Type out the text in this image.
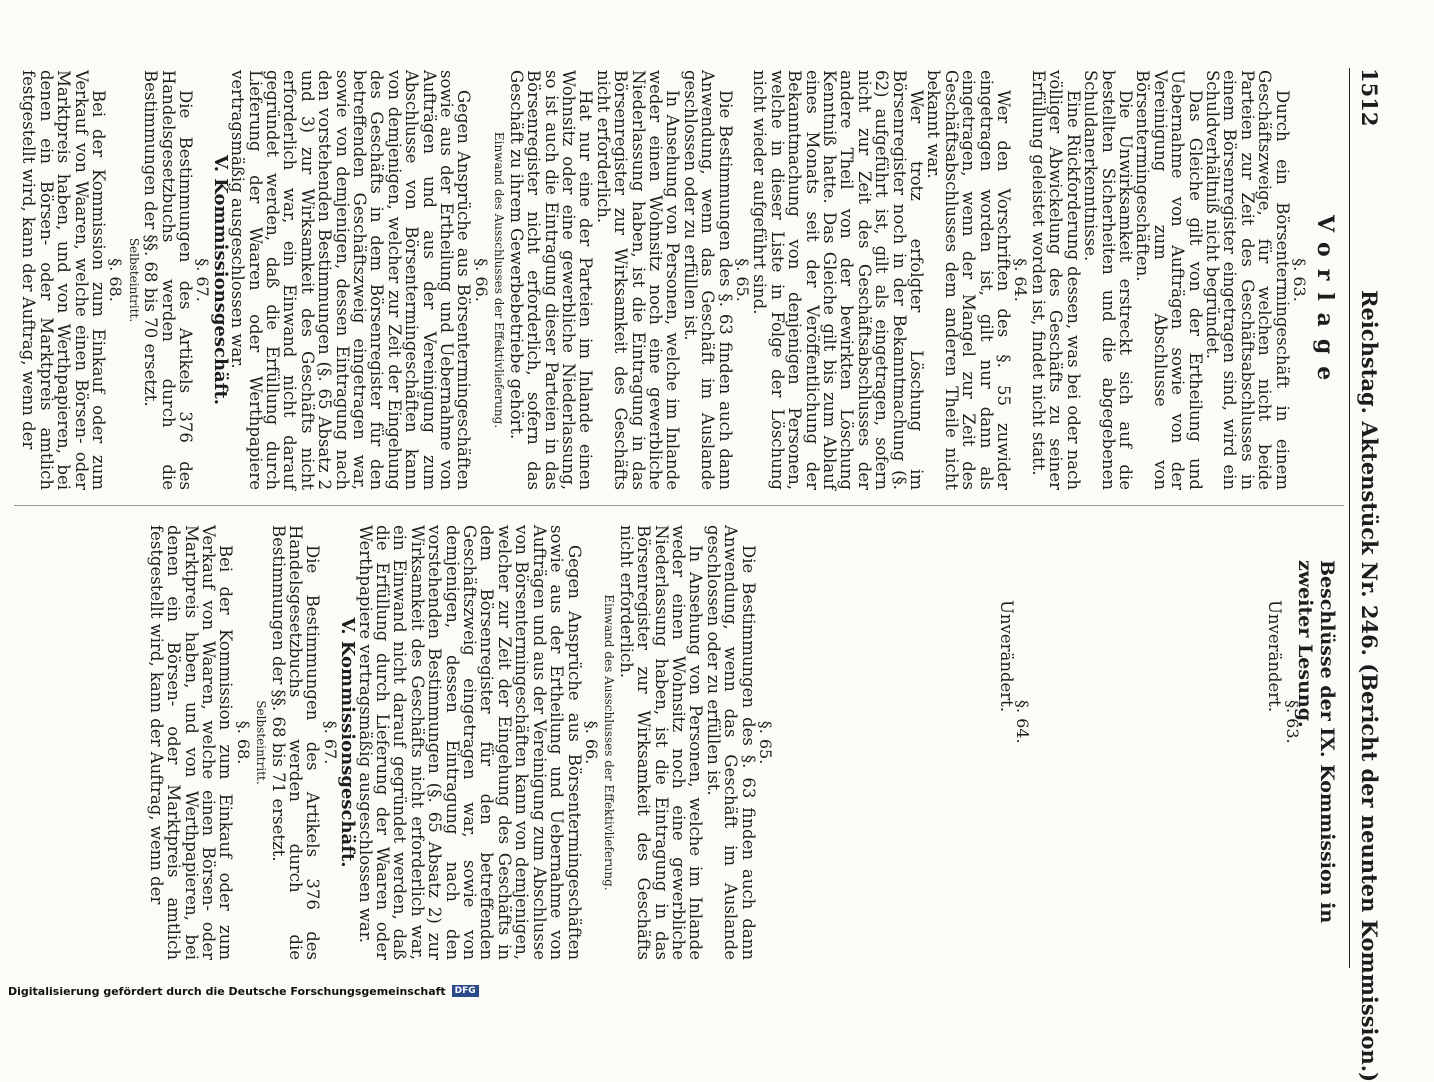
1512
Reichstag. Aktenstück Nr. 246. (Bericht der neunten Kommission.)
Vorlage
Beschlüsse der IX. Kommission in zweiter Lesung.

§. 63.

Durch ein Börsentermingeschäft in einem Geschäftszweige, für welchen nicht beide Parteien zur Zeit des Geschäftsabschlusses in einem Börsenregister eingetragen sind, wird ein Schuldverhältniß nicht begründet.

Das Gleiche gilt von der Ertheilung und Uebernahme von Aufträgen sowie von der Vereinigung zum Abschlusse von Börsentermingeschäften.

Die Unwirksamkeit erstreckt sich auf die bestellten Sicherheiten und die abgegebenen Schuldanerkenntnisse.

Eine Rückforderung dessen, was bei oder nach völliger Abwickelung des Geschäfts zu seiner Erfüllung geleistet worden ist, findet nicht statt.

§. 64.

Wer den Vorschriften des §. 55 zuwider eingetragen worden ist, gilt nur dann als eingetragen, wenn der Mangel zur Zeit des Geschäftsabschlusses dem anderen Theile nicht bekannt war.

Wer trotz erfolgter Löschung im Börsenregister noch in der Bekanntmachung (§. 62) aufgeführt ist, gilt als eingetragen, sofern nicht zur Zeit des Geschäftsabschlusses der andere Theil von der bewirkten Löschung Kenntniß hatte. Das Gleiche gilt bis zum Ablauf eines Monats seit der Veröffentlichung der Bekanntmachung von denjenigen Personen, welche in dieser Liste in Folge der Löschung nicht wieder aufgeführt sind.

§. 65.

Die Bestimmungen des §. 63 finden auch dann Anwendung, wenn das Geschäft im Auslande geschlossen oder zu erfüllen ist.

In Ansehung von Personen, welche im Inlande weder einen Wohnsitz noch eine gewerbliche Niederlassung haben, ist die Eintragung in das Börsenregister zur Wirksamkeit des Geschäfts nicht erforderlich.

Hat nur eine der Parteien im Inlande einen Wohnsitz oder eine gewerbliche Niederlassung, so ist auch die Eintragung dieser Parteien in das Börsenregister nicht erforderlich, sofern das Geschäft zu ihrem Gewerbebetriebe gehört.

Einwand des Ausschlusses der Effektivlieferung.

§. 66.

Gegen Ansprüche aus Börsentermingeschäften sowie aus der Ertheilung und Uebernahme von Aufträgen und aus der Vereinigung zum Abschlusse von Börsentermingeschäften kann von demjenigen, welcher zur Zeit der Eingehung des Geschäfts in dem Börsenregister für den betreffenden Geschäftszweig eingetragen war, sowie von demjenigen, dessen Eintragung nach den vorstehenden Bestimmungen (§. 65 Absatz 2 und 3) zur Wirksamkeit des Geschäfts nicht erforderlich war, ein Einwand nicht darauf gegründet werden, daß die Erfüllung durch Lieferung der Waaren oder Werthpapiere vertragsmäßig ausgeschlossen war.

V. Kommissionsgeschäft.

§. 67.

Die Bestimmungen des Artikels 376 des Handelsgesetzbuchs werden durch die Bestimmungen der §§. 68 bis 70 ersetzt.

Selbsteintritt.

§. 68.

Bei der Kommission zum Einkauf oder zum Verkauf von Waaren, welche einen Börsen- oder Marktpreis haben, und von Werthpapieren, bei denen ein Börsen- oder Marktpreis amtlich festgestellt wird, kann der Auftrag, wenn der

§. 63.
Unverändert.
§. 64.
Unverändert.

§. 65.

Die Bestimmungen des §. 63 finden auch dann Anwendung, wenn das Geschäft im Auslande geschlossen oder zu erfüllen ist.

In Ansehung von Personen, welche im Inlande weder einen Wohnsitz noch eine gewerbliche Niederlassung haben, ist die Eintragung in das Börsenregister zur Wirksamkeit des Geschäfts nicht erforderlich.

Einwand des Ausschlusses der Effektivlieferung.

§. 66.

Gegen Ansprüche aus Börsentermingeschäften sowie aus der Ertheilung und Uebernahme von Aufträgen und aus der Vereinigung zum Abschlusse von Börsentermingeschäften kann von demjenigen, welcher zur Zeit der Eingehung des Geschäfts in dem Börsenregister für den betreffenden Geschäftszweig eingetragen war, sowie von demjenigen, dessen Eintragung nach den vorstehenden Bestimmungen (§. 65 Absatz 2) zur Wirksamkeit des Geschäfts nicht erforderlich war, ein Einwand nicht darauf gegründet werden, daß die Erfüllung durch Lieferung der Waaren oder Werthpapiere vertragsmäßig ausgeschlossen war.

V. Kommissionsgeschäft.

§. 67.

Die Bestimmungen des Artikels 376 des Handelsgesetzbuchs werden durch die Bestimmungen der §§. 68 bis 71 ersetzt.

Selbsteintritt.

§. 68.

Bei der Kommission zum Einkauf oder zum Verkauf von Waaren, welche einen Börsen- oder Marktpreis haben, und von Werthpapieren, bei denen ein Börsen- oder Marktpreis amtlich festgestellt wird, kann der Auftrag, wenn der

Digitalisierung gefördert durch die Deutsche Forschungsgemeinschaft	DFG
